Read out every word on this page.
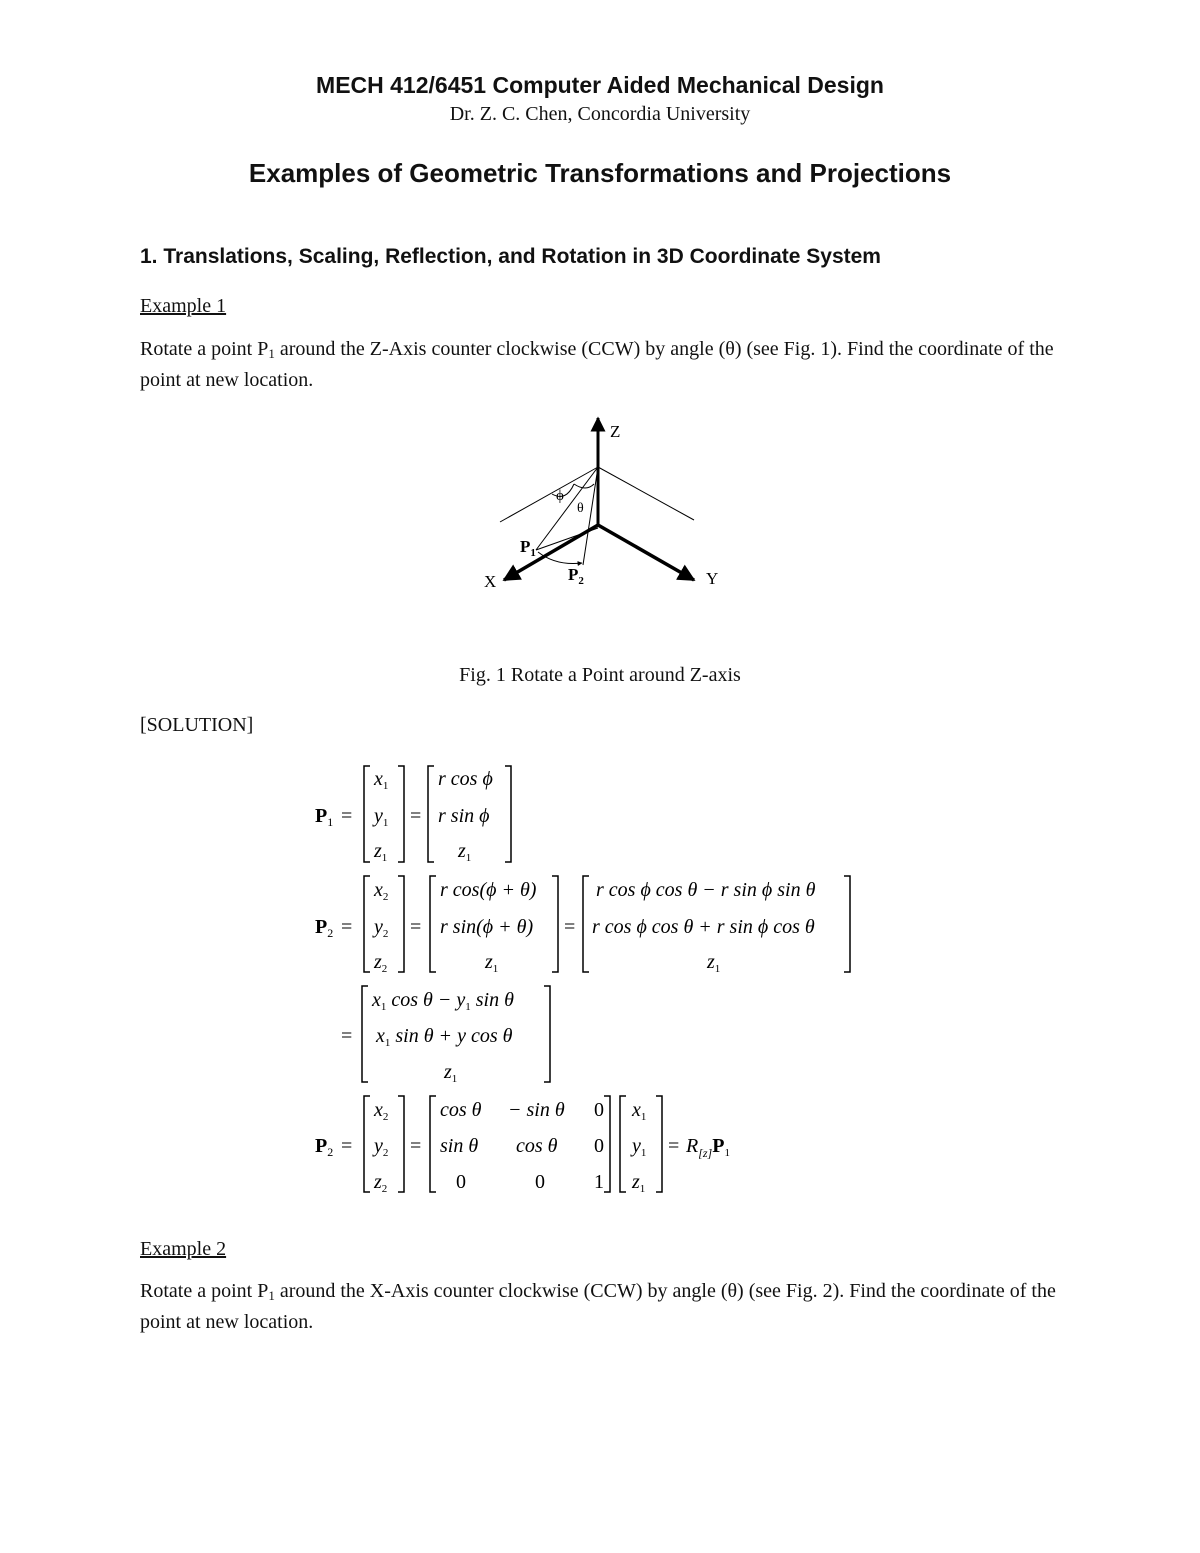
MECH 412/6451 Computer Aided Mechanical Design
Dr. Z. C. Chen, Concordia University
Examples of Geometric Transformations and Projections
1. Translations, Scaling, Reflection, and Rotation in 3D Coordinate System
Example 1
Rotate a point $P_1$ around the Z-Axis counter clockwise (CCW) by angle (θ) (see Fig. 1). Find the coordinate of the point at new location.
Z
X	Y
ϕ
θ
$P_1$
$P_2$
$P_1$ =
$x_1$
$y_1$
$z_1$
=
r cos ϕ
r sin ϕ
$z_1$
$P_2$ =
$x_2$
$y_2$
$z_2$
=
r cos(ϕ + θ)
r sin(ϕ + θ)
$z_1$
=
r cos ϕ cos θ − r sin ϕ sin θ
r cos ϕ cos θ + r sin ϕ cos θ
$z_1$
=
$x_1$ $\cos \theta - y_1$ sin θ
$x_1$ sin θ + y cos θ
$z_1$
$P_2$ =
$x_2$
$y_2$
$z_2$
=
cos θ − sin θ 0
sin θ cos θ 0
0	0 1
$x_1$
$y_1$
$z_1$
= $R_{[z]}P_1$
Fig. 1 Rotate a Point around Z-axis
[SOLUTION]
Example 2
Rotate a point $P_1$ around the X-Axis counter clockwise (CCW) by angle (θ) (see Fig. 2). Find the coordinate of the point at new location.
